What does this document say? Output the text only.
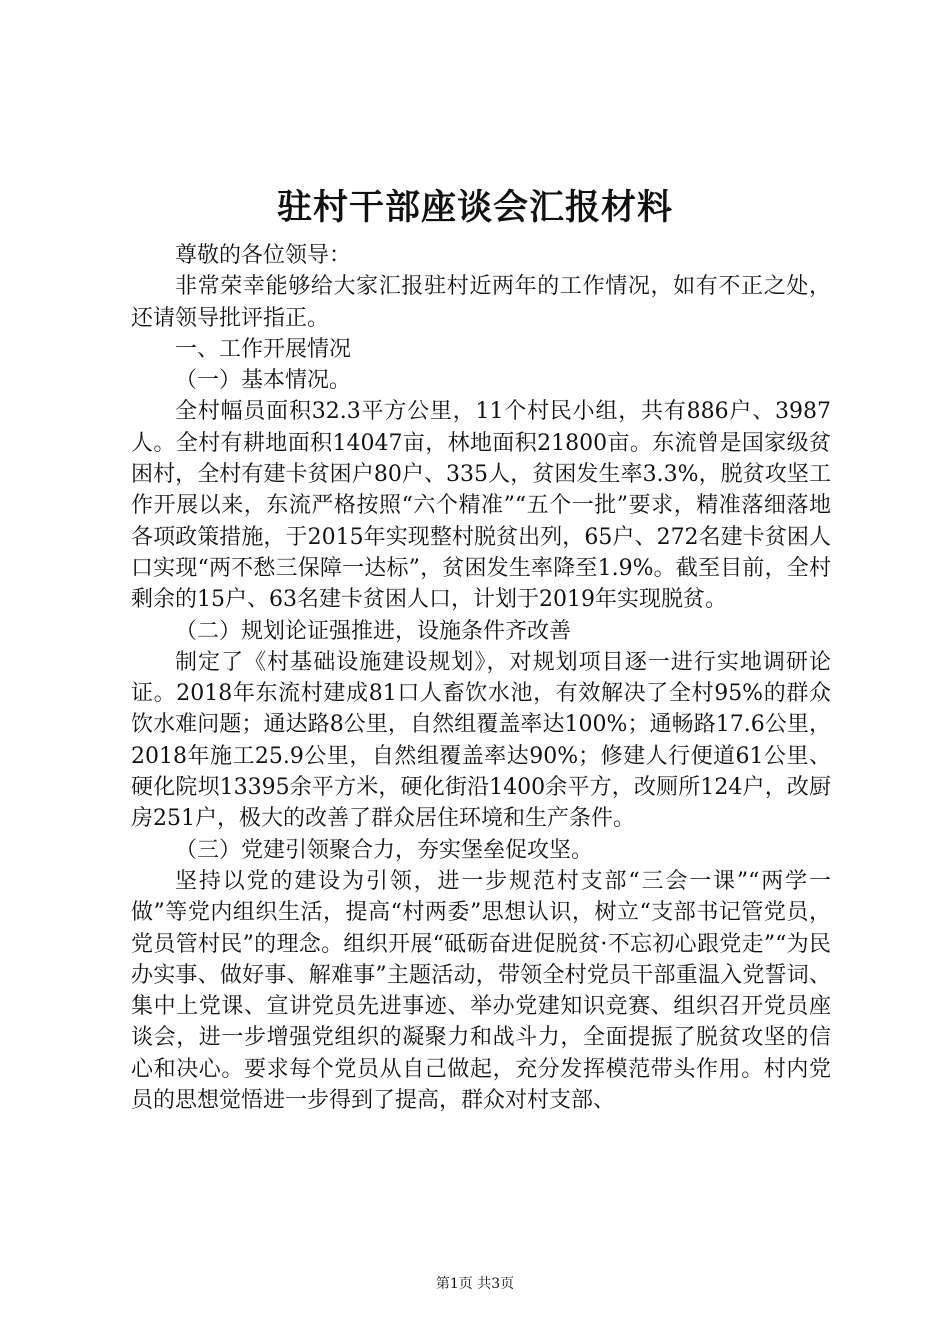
驻村干部座谈会汇报材料

尊敬的各位领导：

非常荣幸能够给大家汇报驻村近两年的工作情况，如有不正之处，还请领导批评指正。

一、工作开展情况

（一）基本情况。

全村幅员面积32.3平方公里，11个村民小组，共有886户、3987人。全村有耕地面积14047亩，林地面积21800亩。东流曾是国家级贫困村，全村有建卡贫困户80户、335人，贫困发生率3.3%，脱贫攻坚工作开展以来，东流严格按照“六个精准”“五个一批”要求，精准落细落地各项政策措施，于2015年实现整村脱贫出列，65户、272名建卡贫困人口实现“两不愁三保障一达标”，贫困发生率降至1.9%。截至目前，全村剩余的15户、63名建卡贫困人口，计划于2019年实现脱贫。

（二）规划论证强推进，设施条件齐改善

制定了《村基础设施建设规划》，对规划项目逐一进行实地调研论证。2018年东流村建成81口人畜饮水池，有效解决了全村95%的群众饮水难问题；通达路8公里，自然组覆盖率达100%；通畅路17.6公里，2018年施工25.9公里，自然组覆盖率达90%；修建人行便道61公里、硬化院坝13395余平方米，硬化街沿1400余平方，改厕所124户，改厨房251户，极大的改善了群众居住环境和生产条件。

（三）党建引领聚合力，夯实堡垒促攻坚。

坚持以党的建设为引领，进一步规范村支部“三会一课”“两学一做”等党内组织生活，提高“村两委”思想认识，树立“支部书记管党员，党员管村民”的理念。组织开展“砥砺奋进促脱贫·不忘初心跟党走”“为民办实事、做好事、解难事”主题活动，带领全村党员干部重温入党誓词、集中上党课、宣讲党员先进事迹、举办党建知识竞赛、组织召开党员座谈会，进一步增强党组织的凝聚力和战斗力，全面提振了脱贫攻坚的信心和决心。要求每个党员从自己做起，充分发挥模范带头作用。村内党员的思想觉悟进一步得到了提高，群众对村支部、

第1页 共3页
